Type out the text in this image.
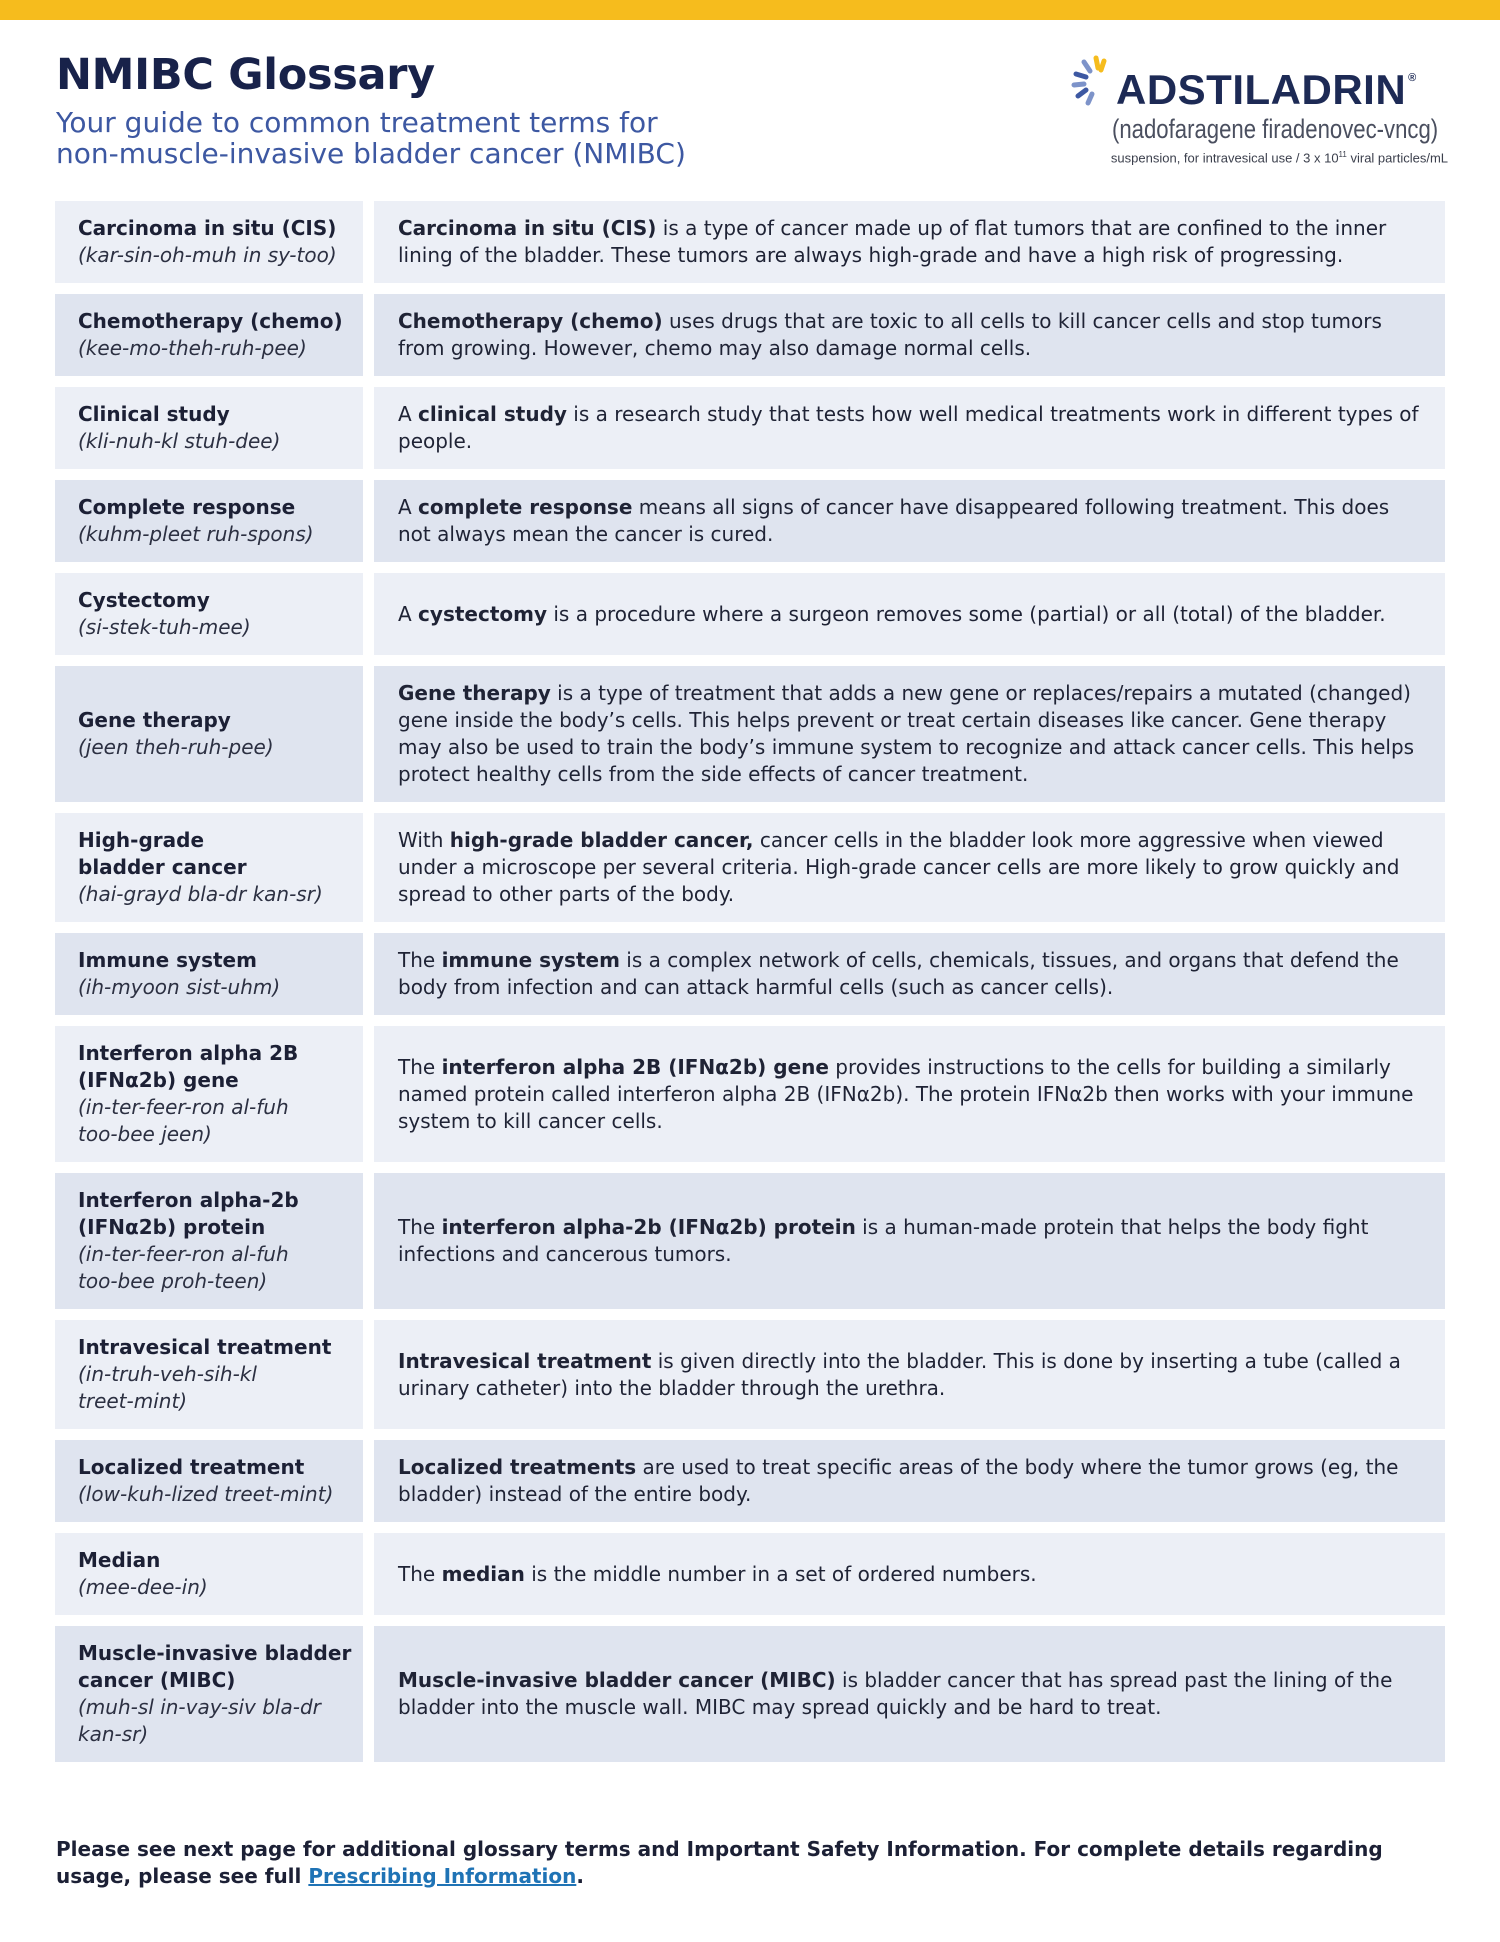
NMIBC Glossary
Your guide to common treatment terms for
non-muscle-invasive bladder cancer (NMIBC)
ADSTILADRIN ®
(nadofaragene firadenovec-vncg)
suspension, for intravesical use / 3 x $10^{11}$ viral particles/mL
Carcinoma in situ (CIS)
(kar-sin-oh-muh in sy-too)
Carcinoma in situ (CIS) is a type of cancer made up of flat tumors that are confined to the inner lining of the bladder. These tumors are always high-grade and have a high risk of progressing.
Chemotherapy (chemo)
(kee-mo-theh-ruh-pee)
Chemotherapy (chemo) uses drugs that are toxic to all cells to kill cancer cells and stop tumors from growing. However, chemo may also damage normal cells.
Clinical study
(kli-nuh-kl stuh-dee)
A clinical study is a research study that tests how well medical treatments work in different types of people.
Complete response
(kuhm-pleet ruh-spons)
A complete response means all signs of cancer have disappeared following treatment. This does not always mean the cancer is cured.
Cystectomy
(si-stek-tuh-mee)
A cystectomy is a procedure where a surgeon removes some (partial) or all (total) of the bladder.
Gene therapy
(jeen theh-ruh-pee)
Gene therapy is a type of treatment that adds a new gene or replaces/repairs a mutated (changed) gene inside the body’s cells. This helps prevent or treat certain diseases like cancer. Gene therapy may also be used to train the body’s immune system to recognize and attack cancer cells. This helps protect healthy cells from the side effects of cancer treatment.
High-grade
bladder cancer
(hai-grayd bla-dr kan-sr)
With high-grade bladder cancer, cancer cells in the bladder look more aggressive when viewed under a microscope per several criteria. High-grade cancer cells are more likely to grow quickly and spread to other parts of the body.
Immune system
(ih-myoon sist-uhm)
The immune system is a complex network of cells, chemicals, tissues, and organs that defend the body from infection and can attack harmful cells (such as cancer cells).
Interferon alpha 2B
(IFNα2b) gene
(in-ter-feer-ron al-fuh
too-bee jeen)
The interferon alpha 2B (IFNα2b) gene provides instructions to the cells for building a similarly named protein called interferon alpha 2B (IFNα2b). The protein IFNα2b then works with your immune system to kill cancer cells.
Interferon alpha-2b
(IFNα2b) protein
(in-ter-feer-ron al-fuh
too-bee proh-teen)
The interferon alpha-2b (IFNα2b) protein is a human-made protein that helps the body fight infections and cancerous tumors.
Intravesical treatment
(in-truh-veh-sih-kl
treet-mint)
Intravesical treatment is given directly into the bladder. This is done by inserting a tube (called a urinary catheter) into the bladder through the urethra.
Localized treatment
(low-kuh-lized treet-mint)
Localized treatments are used to treat specific areas of the body where the tumor grows (eg, the bladder) instead of the entire body.
Median
(mee-dee-in)
The median is the middle number in a set of ordered numbers.
Muscle-invasive bladder
cancer (MIBC)
(muh-sl in-vay-siv bla-dr
kan-sr)
Muscle-invasive bladder cancer (MIBC) is bladder cancer that has spread past the lining of the bladder into the muscle wall. MIBC may spread quickly and be hard to treat.
Please see next page for additional glossary terms and Important Safety Information. For complete details regarding usage, please see full Prescribing Information.
